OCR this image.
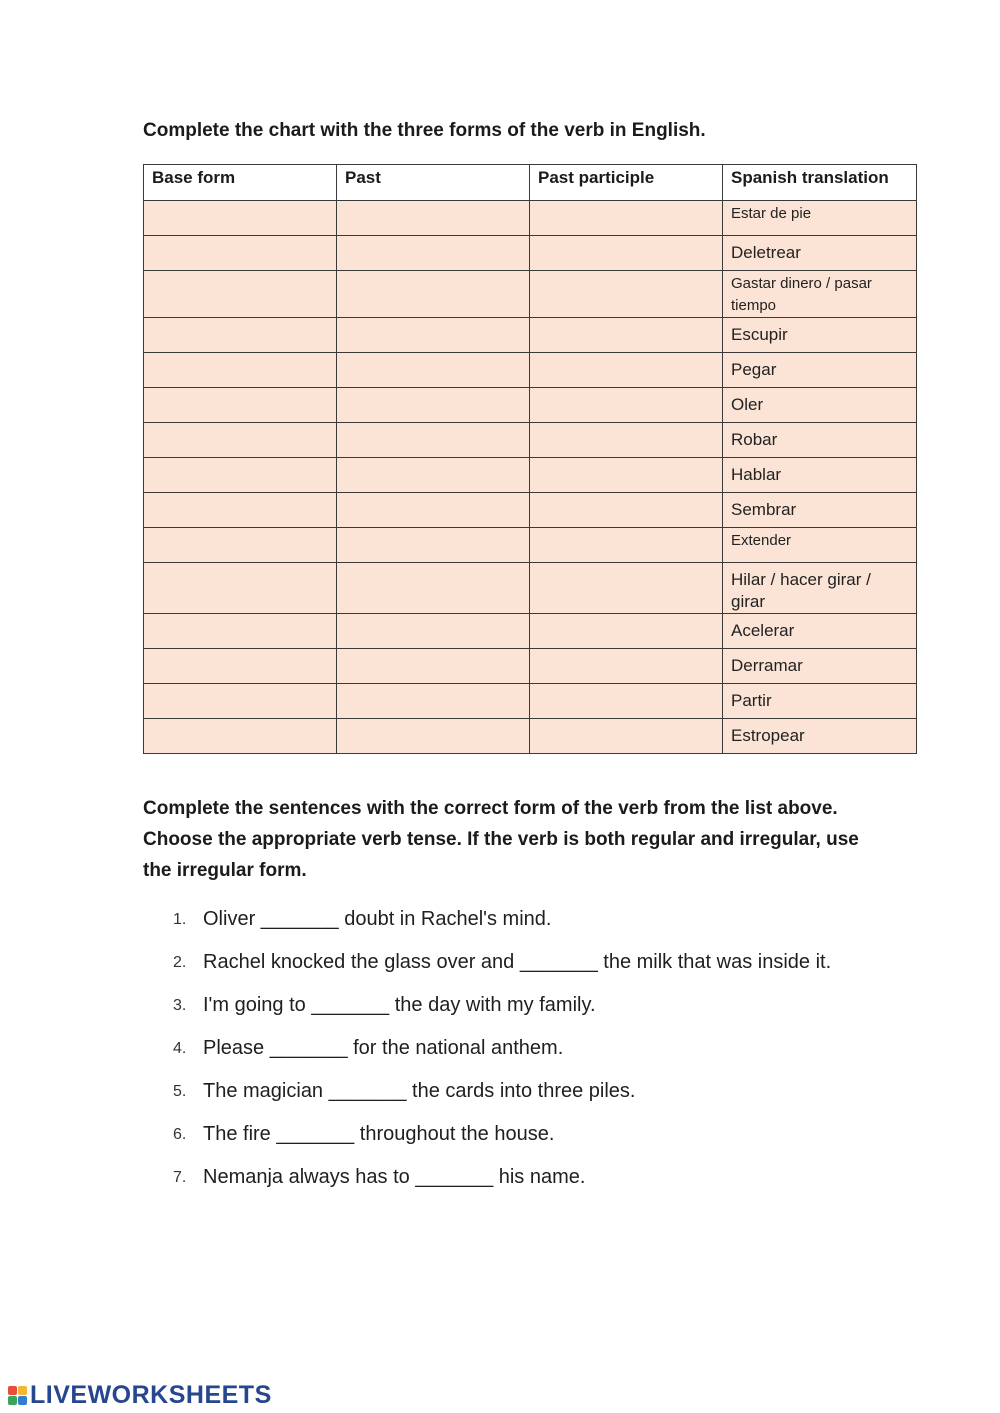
Complete the chart with the three forms of the verb in English.
Base form	Past	Past participle	Spanish translation
			Estar de pie
			Deletrear
			Gastar dinero / pasar tiempo
			Escupir
			Pegar
			Oler
			Robar
			Hablar
			Sembrar
			Extender
			Hilar / hacer girar / girar
			Acelerar
			Derramar
			Partir
			Estropear
Complete the sentences with the correct form of the verb from the list above. Choose the appropriate verb tense. If the verb is both regular and irregular, use the irregular form.
1. Oliver _______ doubt in Rachel's mind.
2. Rachel knocked the glass over and _______ the milk that was inside it.
3. I'm going to _______ the day with my family.
4. Please _______ for the national anthem.
5. The magician _______ the cards into three piles.
6. The fire _______ throughout the house.
7. Nemanja always has to _______ his name.
LIVEWORKSHEETS
